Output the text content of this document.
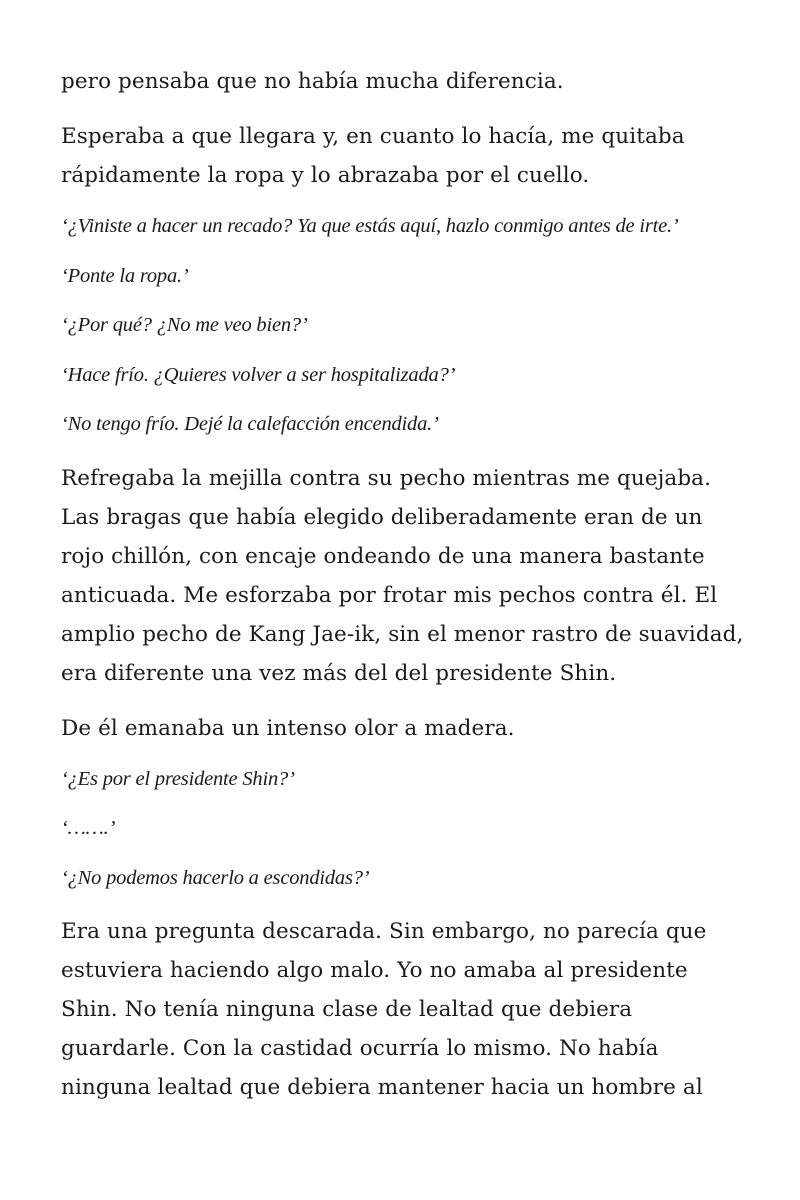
pero pensaba que no había mucha diferencia.

Esperaba a que llegara y, en cuanto lo hacía, me quitaba rápidamente la ropa y lo abrazaba por el cuello.

‘¿Viniste a hacer un recado? Ya que estás aquí, hazlo conmigo antes de irte.’

‘Ponte la ropa.’

‘¿Por qué? ¿No me veo bien?’

‘Hace frío. ¿Quieres volver a ser hospitalizada?’

‘No tengo frío. Dejé la calefacción encendida.’

Refregaba la mejilla contra su pecho mientras me quejaba. Las bragas que había elegido deliberadamente eran de un rojo chillón, con encaje ondeando de una manera bastante anticuada. Me esforzaba por frotar mis pechos contra él. El amplio pecho de Kang Jae-ik, sin el menor rastro de suavidad, era diferente una vez más del del presidente Shin.

De él emanaba un intenso olor a madera.

‘¿Es por el presidente Shin?’

‘…….’

‘¿No podemos hacerlo a escondidas?’

Era una pregunta descarada. Sin embargo, no parecía que estuviera haciendo algo malo. Yo no amaba al presidente Shin. No tenía ninguna clase de lealtad que debiera guardarle. Con la castidad ocurría lo mismo. No había ninguna lealtad que debiera mantener hacia un hombre al
